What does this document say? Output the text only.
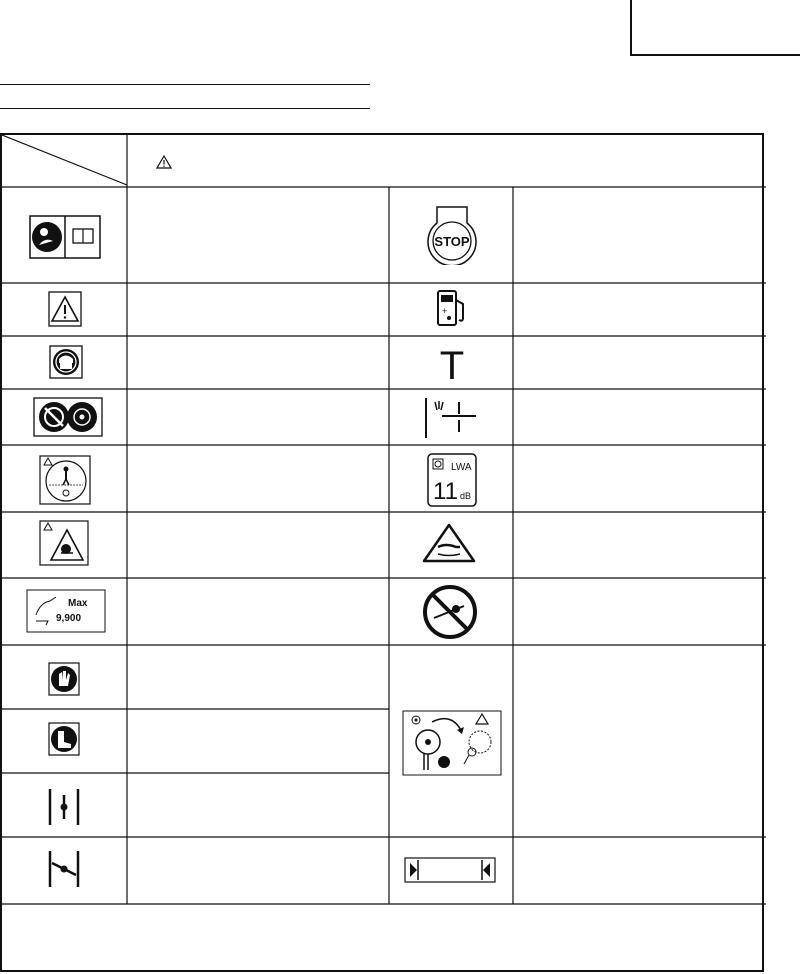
STOP
+
T
LWA
11 dB
Max
9,900
